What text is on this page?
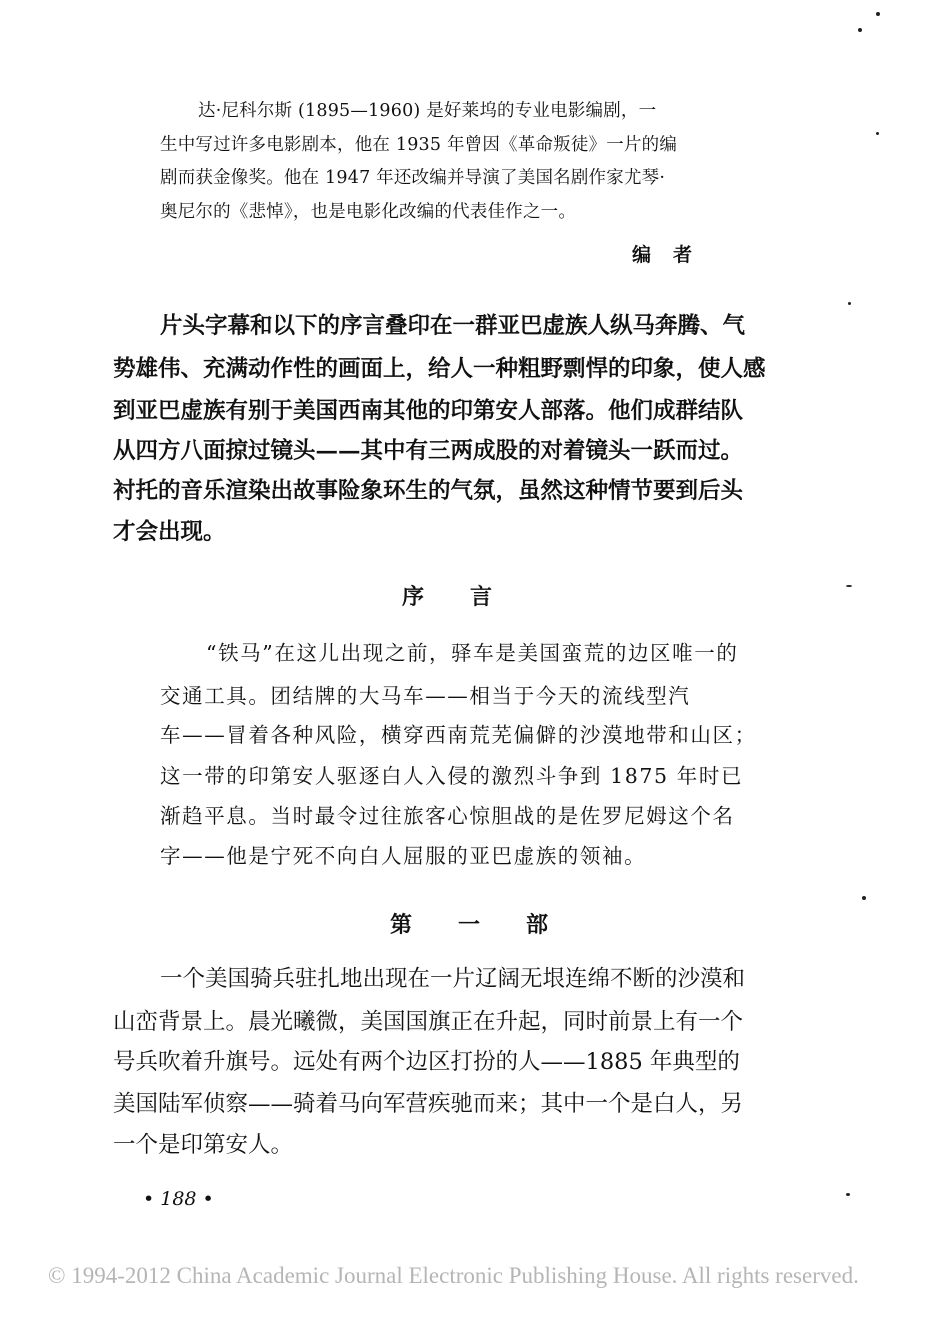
达·尼科尔斯 (1895—1960) 是好莱坞的专业电影编剧，一
生中写过许多电影剧本，他在 1935 年曾因《革命叛徒》一片的编
剧而获金像奖。他在 1947 年还改编并导演了美国名剧作家尤琴·
奥尼尔的《悲悼》，也是电影化改编的代表佳作之一。
编者
片头字幕和以下的序言叠印在一群亚巴虚族人纵马奔腾、气
势雄伟、充满动作性的画面上，给人一种粗野剽悍的印象，使人感
到亚巴虚族有别于美国西南其他的印第安人部落。他们成群结队
从四方八面掠过镜头——其中有三两成股的对着镜头一跃而过。
衬托的音乐渲染出故事险象环生的气氛，虽然这种情节要到后头
才会出现。
序言
“铁马”在这儿出现之前，驿车是美国蛮荒的边区唯一的
交通工具。团结牌的大马车——相当于今天的流线型汽
车——冒着各种风险，横穿西南荒芜偏僻的沙漠地带和山区；
这一带的印第安人驱逐白人入侵的激烈斗争到 1875 年时已
渐趋平息。当时最令过往旅客心惊胆战的是佐罗尼姆这个名
字——他是宁死不向白人屈服的亚巴虚族的领袖。
第一部
一个美国骑兵驻扎地出现在一片辽阔无垠连绵不断的沙漠和
山峦背景上。晨光曦微，美国国旗正在升起，同时前景上有一个
号兵吹着升旗号。远处有两个边区打扮的人——1885 年典型的
美国陆军侦察——骑着马向军营疾驰而来；其中一个是白人，另
一个是印第安人。
• 188 •
© 1994-2012 China Academic Journal Electronic Publishing House. All rights reserved.
